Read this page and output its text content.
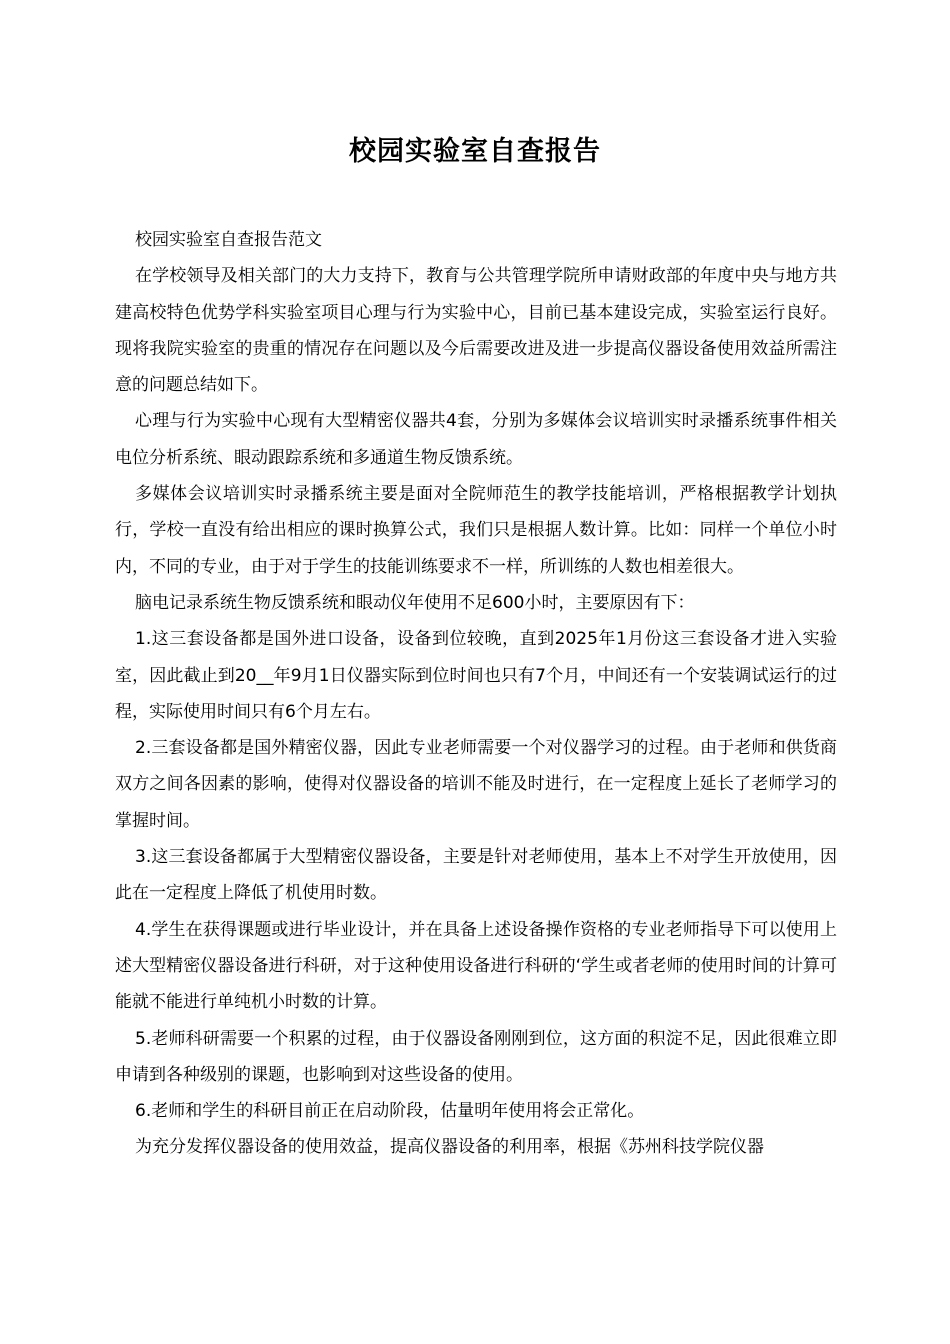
校园实验室自查报告

校园实验室自查报告范文

在学校领导及相关部门的大力支持下，教育与公共管理学院所申请财政部的年度中央与地方共建高校特色优势学科实验室项目心理与行为实验中心，目前已基本建设完成，实验室运行良好。现将我院实验室的贵重的情况存在问题以及今后需要改进及进一步提高仪器设备使用效益所需注意的问题总结如下。

心理与行为实验中心现有大型精密仪器共4套，分别为多媒体会议培训实时录播系统事件相关电位分析系统、眼动跟踪系统和多通道生物反馈系统。

多媒体会议培训实时录播系统主要是面对全院师范生的教学技能培训，严格根据教学计划执行，学校一直没有给出相应的课时换算公式，我们只是根据人数计算。比如：同样一个单位小时内，不同的专业，由于对于学生的技能训练要求不一样，所训练的人数也相差很大。

脑电记录系统生物反馈系统和眼动仪年使用不足600小时，主要原因有下：

1.这三套设备都是国外进口设备，设备到位较晚，直到2025年1月份这三套设备才进入实验室，因此截止到20__年9月1日仪器实际到位时间也只有7个月，中间还有一个安装调试运行的过程，实际使用时间只有6个月左右。

2.三套设备都是国外精密仪器，因此专业老师需要一个对仪器学习的过程。由于老师和供货商双方之间各因素的影响，使得对仪器设备的培训不能及时进行，在一定程度上延长了老师学习的掌握时间。

3.这三套设备都属于大型精密仪器设备，主要是针对老师使用，基本上不对学生开放使用，因此在一定程度上降低了机使用时数。

4.学生在获得课题或进行毕业设计，并在具备上述设备操作资格的专业老师指导下可以使用上述大型精密仪器设备进行科研，对于这种使用设备进行科研的‘学生或者老师的使用时间的计算可能就不能进行单纯机小时数的计算。

5.老师科研需要一个积累的过程，由于仪器设备刚刚到位，这方面的积淀不足，因此很难立即申请到各种级别的课题，也影响到对这些设备的使用。

6.老师和学生的科研目前正在启动阶段，估量明年使用将会正常化。

为充分发挥仪器设备的使用效益，提高仪器设备的利用率，根据《苏州科技学院仪器
